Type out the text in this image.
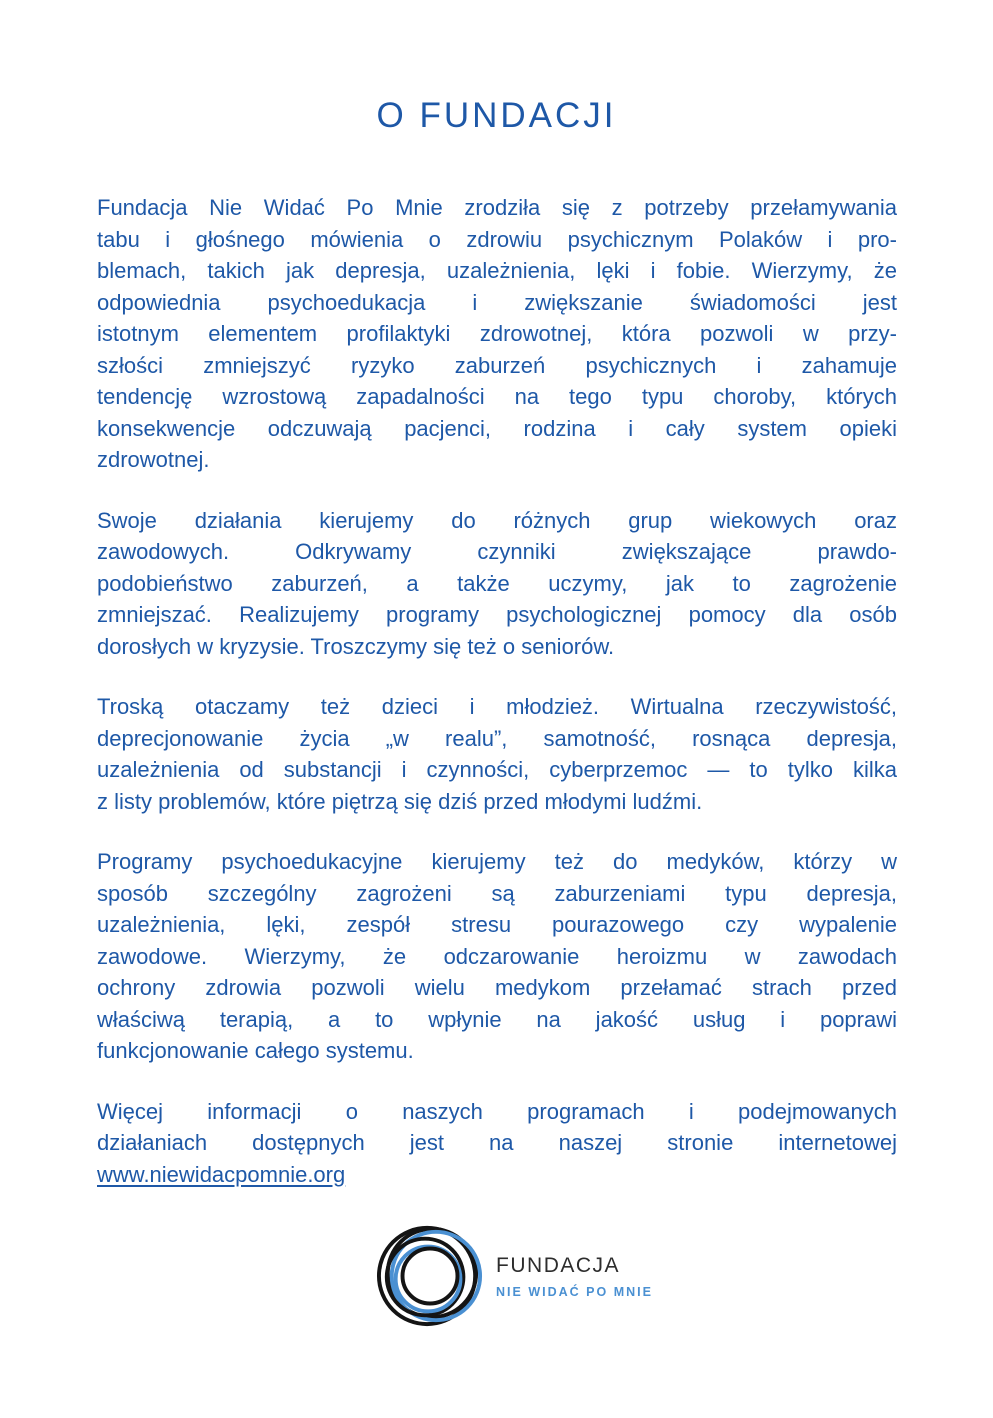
O FUNDACJI
Fundacja Nie Widać Po Mnie zrodziła się z potrzeby przełamywania
tabu i głośnego mówienia o zdrowiu psychicznym Polaków i pro-
blemach, takich jak depresja, uzależnienia, lęki i fobie. Wierzymy, że
odpowiednia psychoedukacja i zwiększanie świadomości jest
istotnym elementem profilaktyki zdrowotnej, która pozwoli w przy-
szłości zmniejszyć ryzyko zaburzeń psychicznych i zahamuje
tendencję wzrostową zapadalności na tego typu choroby, których
konsekwencje odczuwają pacjenci, rodzina i cały system opieki
zdrowotnej.
Swoje działania kierujemy do różnych grup wiekowych oraz
zawodowych. Odkrywamy czynniki zwiększające prawdo-
podobieństwo zaburzeń, a także uczymy, jak to zagrożenie
zmniejszać. Realizujemy programy psychologicznej pomocy dla osób
dorosłych w kryzysie. Troszczymy się też o seniorów.
Troską otaczamy też dzieci i młodzież. Wirtualna rzeczywistość,
deprecjonowanie życia „w realu”, samotność, rosnąca depresja,
uzależnienia od substancji i czynności, cyberprzemoc — to tylko kilka
z listy problemów, które piętrzą się dziś przed młodymi ludźmi.
Programy psychoedukacyjne kierujemy też do medyków, którzy w
sposób szczególny zagrożeni są zaburzeniami typu depresja,
uzależnienia, lęki, zespół stresu pourazowego czy wypalenie
zawodowe. Wierzymy, że odczarowanie heroizmu w zawodach
ochrony zdrowia pozwoli wielu medykom przełamać strach przed
właściwą terapią, a to wpłynie na jakość usług i poprawi
funkcjonowanie całego systemu.
Więcej informacji o naszych programach i podejmowanych
działaniach dostępnych jest na naszej stronie internetowej
www.niewidacpomnie.org
FUNDACJA
NIE WIDAĆ PO MNIE
